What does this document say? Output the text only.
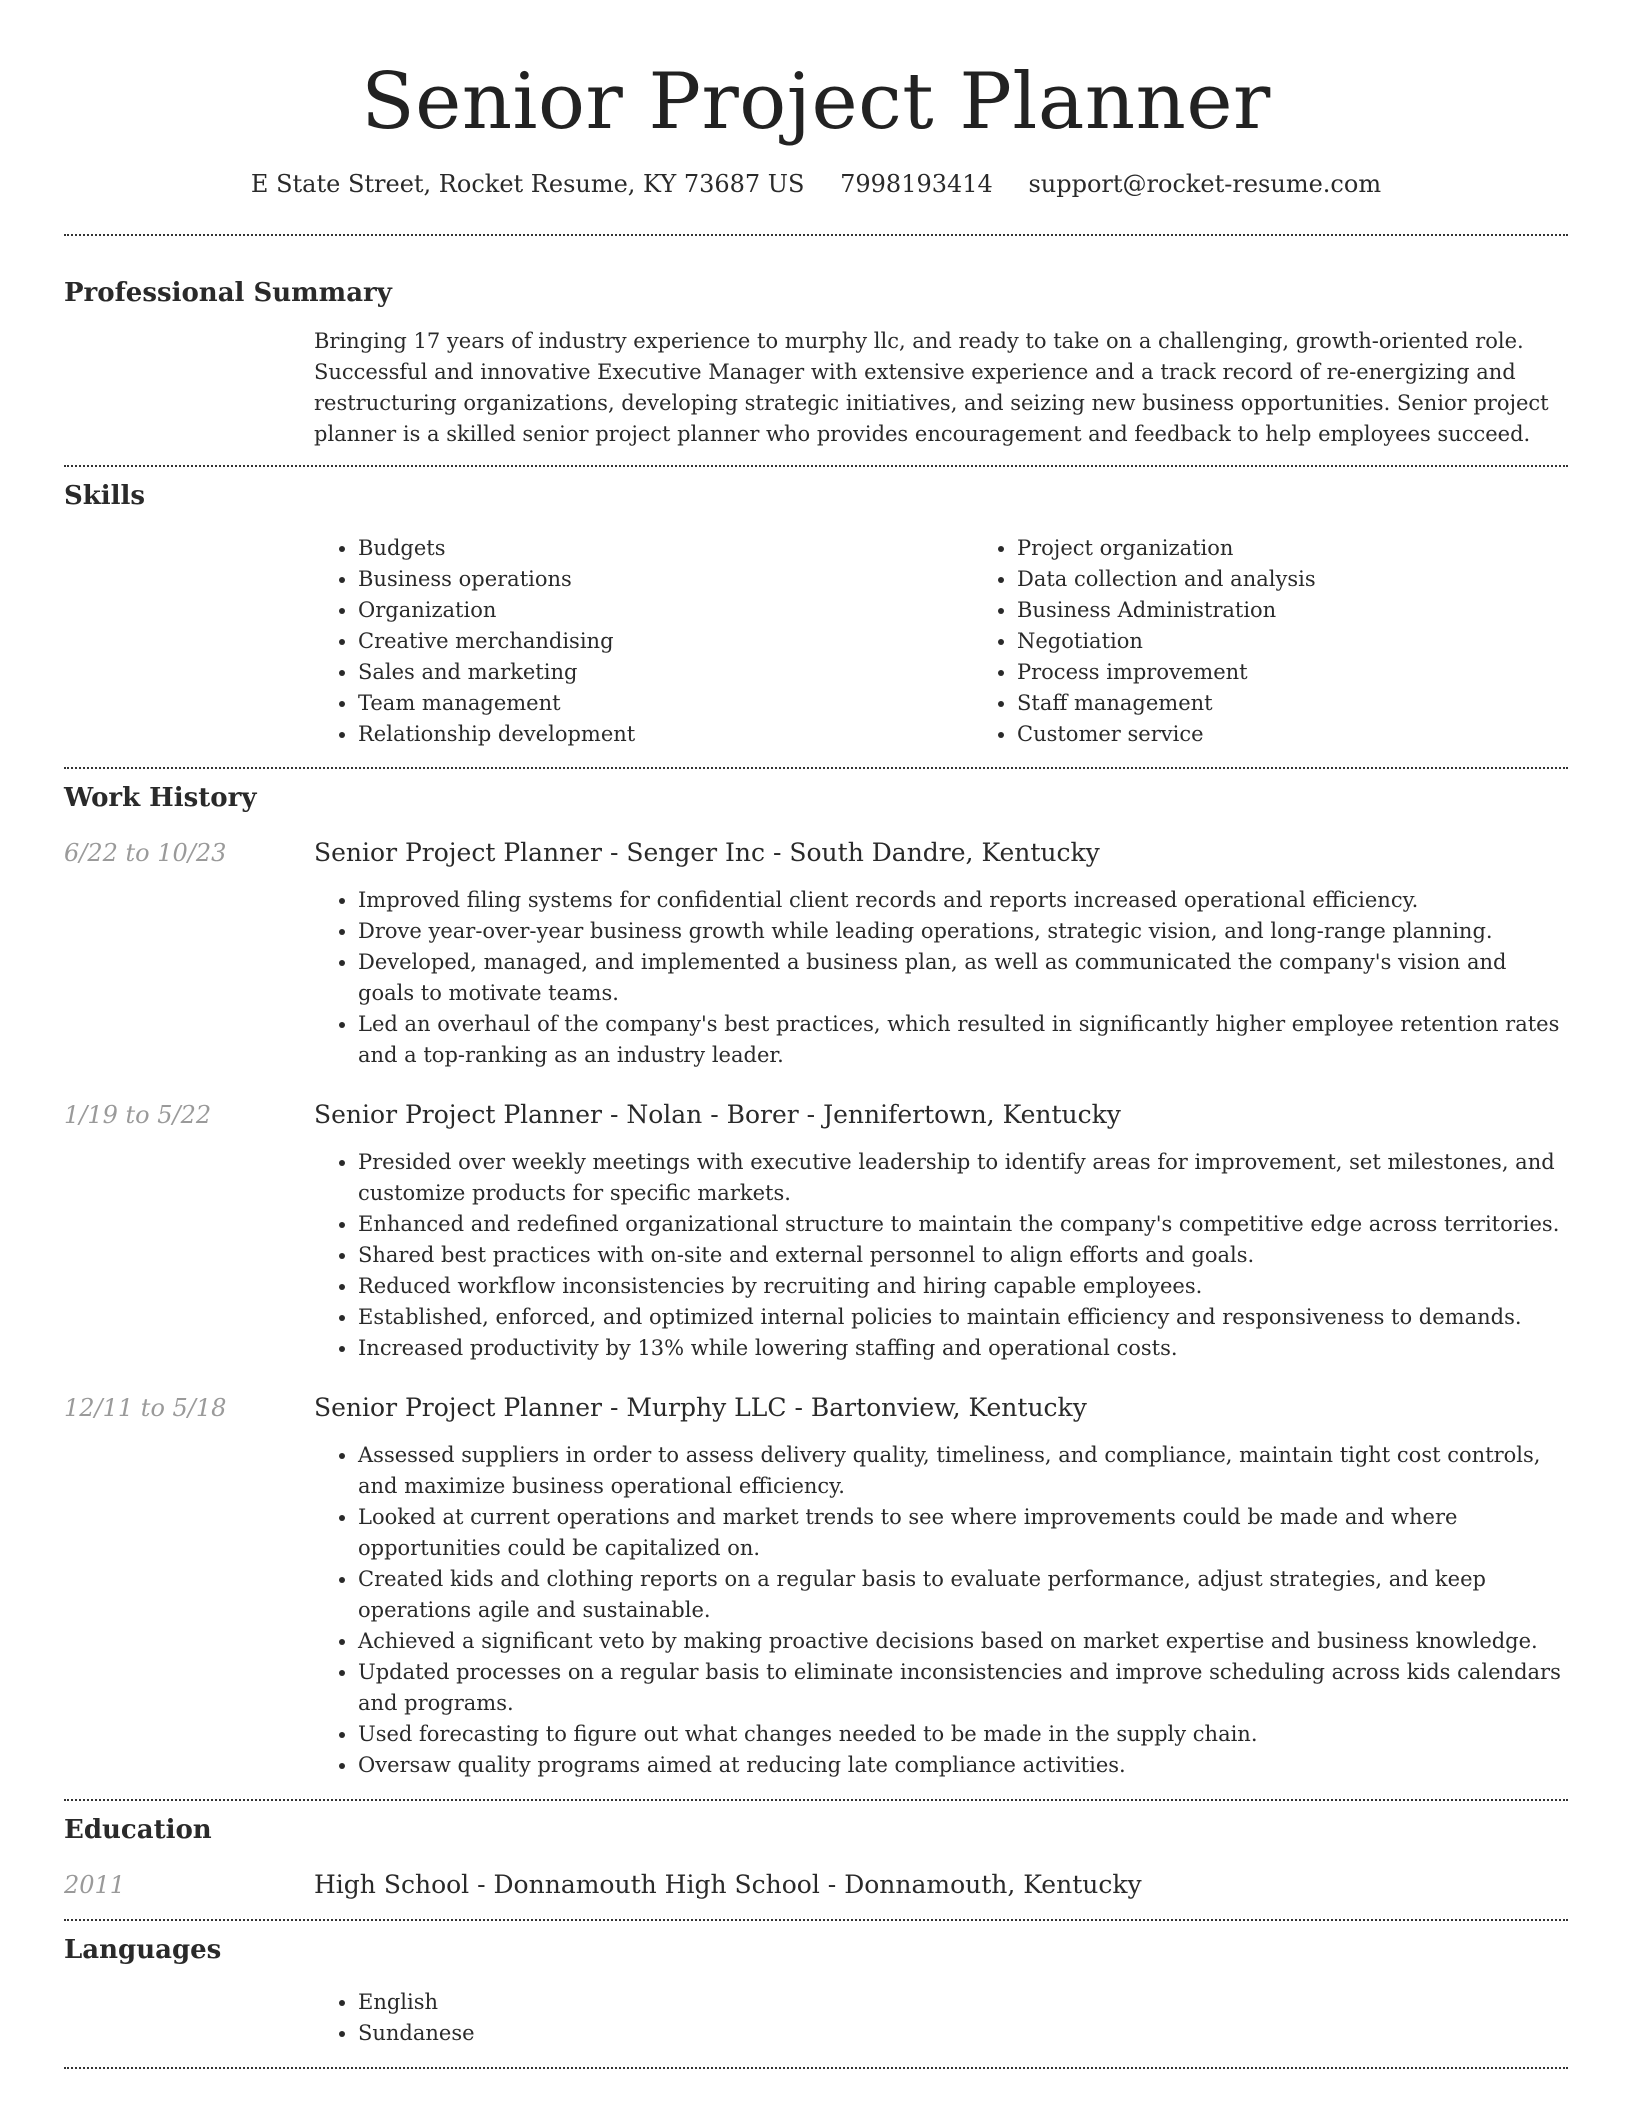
Senior Project Planner
E State Street, Rocket Resume, KY 73687 US 7998193414 support@rocket-resume.com
Professional Summary

Bringing 17 years of industry experience to murphy llc, and ready to take on a challenging, growth-oriented role. Successful and innovative Executive Manager with extensive experience and a track record of re-energizing and restructuring organizations, developing strategic initiatives, and seizing new business opportunities. Senior project planner is a skilled senior project planner who provides encouragement and feedback to help employees succeed.

Skills
• Budgets
• Business operations
• Organization
• Creative merchandising
• Sales and marketing
• Team management
• Relationship development
• Project organization
• Data collection and analysis
• Business Administration
• Negotiation
• Process improvement
• Staff management
• Customer service
Work History
6/22 to 10/23	Senior Project Planner - Senger Inc - South Dandre, Kentucky
• Improved filing systems for confidential client records and reports increased operational efficiency.
• Drove year-over-year business growth while leading operations, strategic vision, and long-range planning.
• Developed, managed, and implemented a business plan, as well as communicated the company's vision and goals to motivate teams.
• Led an overhaul of the company's best practices, which resulted in significantly higher employee retention rates and a top-ranking as an industry leader.
1/19 to 5/22	Senior Project Planner - Nolan - Borer - Jennifertown, Kentucky
• Presided over weekly meetings with executive leadership to identify areas for improvement, set milestones, and customize products for specific markets.
• Enhanced and redefined organizational structure to maintain the company's competitive edge across territories.
• Shared best practices with on-site and external personnel to align efforts and goals.
• Reduced workflow inconsistencies by recruiting and hiring capable employees.
• Established, enforced, and optimized internal policies to maintain efficiency and responsiveness to demands.
• Increased productivity by 13% while lowering staffing and operational costs.
12/11 to 5/18	Senior Project Planner - Murphy LLC - Bartonview, Kentucky
• Assessed suppliers in order to assess delivery quality, timeliness, and compliance, maintain tight cost controls, and maximize business operational efficiency.
• Looked at current operations and market trends to see where improvements could be made and where opportunities could be capitalized on.
• Created kids and clothing reports on a regular basis to evaluate performance, adjust strategies, and keep operations agile and sustainable.
• Achieved a significant veto by making proactive decisions based on market expertise and business knowledge.
• Updated processes on a regular basis to eliminate inconsistencies and improve scheduling across kids calendars and programs.
• Used forecasting to figure out what changes needed to be made in the supply chain.
• Oversaw quality programs aimed at reducing late compliance activities.
Education
2011	High School - Donnamouth High School - Donnamouth, Kentucky
Languages
• English
• Sundanese
